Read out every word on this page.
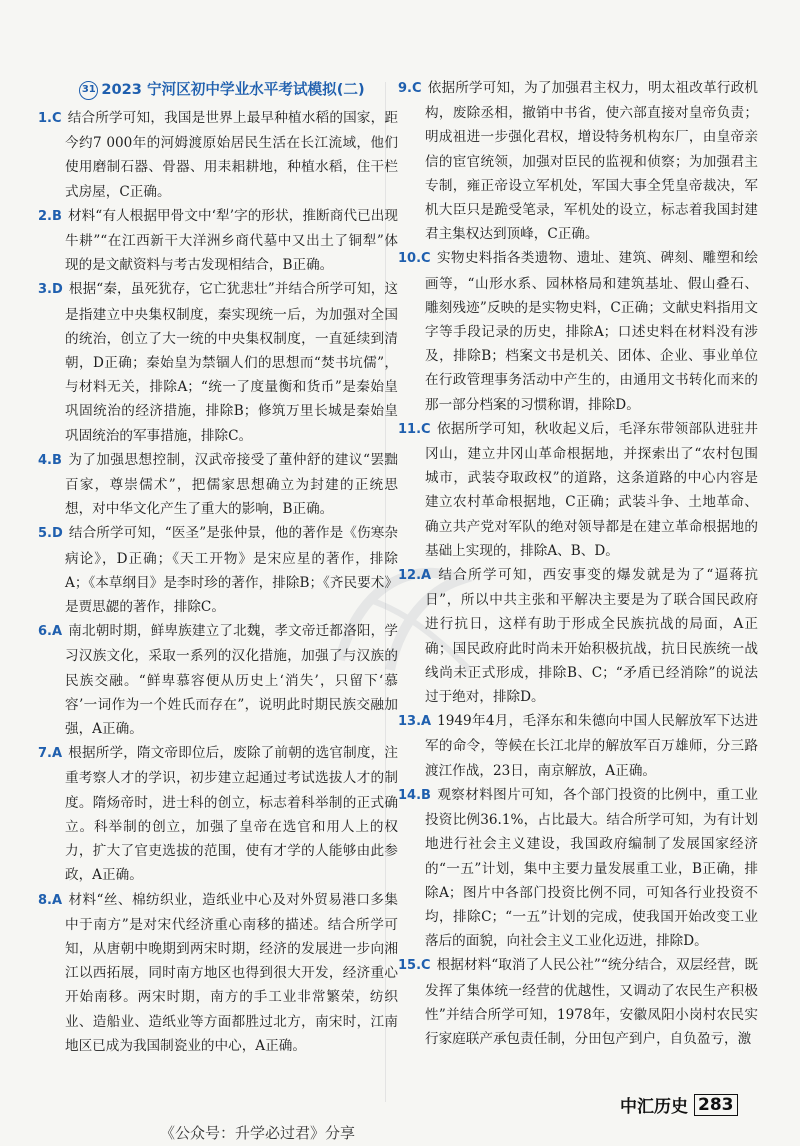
31 2023 宁河区初中学业水平考试模拟(二)

1.C 结合所学可知，我国是世界上最早种植水稻的国家，距今约7 000年的河姆渡原始居民生活在长江流域，他们使用磨制石器、骨器、用耒耜耕地，种植水稻，住干栏式房屋，C正确。

2.B 材料“有人根据甲骨文中‘犁’字的形状，推断商代已出现牛耕”“在江西新干大洋洲乡商代墓中又出土了铜犁”体现的是文献资料与考古发现相结合，B正确。

3.D 根据“秦，虽死犹存，它亡犹悲壮”并结合所学可知，这是指建立中央集权制度，秦实现统一后，为加强对全国的统治，创立了大一统的中央集权制度，一直延续到清朝，D正确；秦始皇为禁锢人们的思想而“焚书坑儒”，与材料无关，排除A；“统一了度量衡和货币”是秦始皇巩固统治的经济措施，排除B；修筑万里长城是秦始皇巩固统治的军事措施，排除C。

4.B 为了加强思想控制，汉武帝接受了董仲舒的建议“罢黜百家，尊崇儒术”，把儒家思想确立为封建的正统思想，对中华文化产生了重大的影响，B正确。

5.D 结合所学可知，“医圣”是张仲景，他的著作是《伤寒杂病论》，D正确；《天工开物》是宋应星的著作，排除A；《本草纲目》是李时珍的著作，排除B；《齐民要术》是贾思勰的著作，排除C。

6.A 南北朝时期，鲜卑族建立了北魏，孝文帝迁都洛阳，学习汉族文化，采取一系列的汉化措施，加强了与汉族的民族交融。“鲜卑慕容便从历史上‘消失’，只留下‘慕容’一词作为一个姓氏而存在”，说明此时期民族交融加强，A正确。

7.A 根据所学，隋文帝即位后，废除了前朝的选官制度，注重考察人才的学识，初步建立起通过考试选拔人才的制度。隋炀帝时，进士科的创立，标志着科举制的正式确立。科举制的创立，加强了皇帝在选官和用人上的权力，扩大了官吏选拔的范围，使有才学的人能够由此参政，A正确。

8.A 材料“丝、棉纺织业，造纸业中心及对外贸易港口多集中于南方”是对宋代经济重心南移的描述。结合所学可知，从唐朝中晚期到两宋时期，经济的发展进一步向湘江以西拓展，同时南方地区也得到很大开发，经济重心开始南移。两宋时期，南方的手工业非常繁荣，纺织业、造船业、造纸业等方面都胜过北方，南宋时，江南地区已成为我国制瓷业的中心，A正确。

9.C 依据所学可知，为了加强君主权力，明太祖改革行政机构，废除丞相，撤销中书省，使六部直接对皇帝负责；明成祖进一步强化君权，增设特务机构东厂，由皇帝亲信的宦官统领，加强对臣民的监视和侦察；为加强君主专制，雍正帝设立军机处，军国大事全凭皇帝裁决，军机大臣只是跪受笔录，军机处的设立，标志着我国封建君主集权达到顶峰，C正确。

10.C 实物史料指各类遗物、遗址、建筑、碑刻、雕塑和绘画等，“山形水系、园林格局和建筑基址、假山叠石、雕刻残迹”反映的是实物史料，C正确；文献史料指用文字等手段记录的历史，排除A；口述史料在材料没有涉及，排除B；档案文书是机关、团体、企业、事业单位在行政管理事务活动中产生的，由通用文书转化而来的那一部分档案的习惯称谓，排除D。

11.C 依据所学可知，秋收起义后，毛泽东带领部队进驻井冈山，建立井冈山革命根据地，并探索出了“农村包围城市，武装夺取政权”的道路，这条道路的中心内容是建立农村革命根据地，C正确；武装斗争、土地革命、确立共产党对军队的绝对领导都是在建立革命根据地的基础上实现的，排除A、B、D。

12.A 结合所学可知，西安事变的爆发就是为了“逼蒋抗日”，所以中共主张和平解决主要是为了联合国民政府进行抗日，这样有助于形成全民族抗战的局面，A正确；国民政府此时尚未开始积极抗战，抗日民族统一战线尚未正式形成，排除B、C；“矛盾已经消除”的说法过于绝对，排除D。

13.A 1949年4月，毛泽东和朱德向中国人民解放军下达进军的命令，等候在长江北岸的解放军百万雄师，分三路渡江作战，23日，南京解放，A正确。

14.B 观察材料图片可知，各个部门投资的比例中，重工业投资比例36.1%，占比最大。结合所学可知，为有计划地进行社会主义建设，我国政府编制了发展国家经济的“一五”计划，集中主要力量发展重工业，B正确，排除A；图片中各部门投资比例不同，可知各行业投资不均，排除C；“一五”计划的完成，使我国开始改变工业落后的面貌，向社会主义工业化迈进，排除D。

15.C 根据材料“取消了人民公社”“统分结合，双层经营，既发挥了集体统一经营的优越性，又调动了农民生产积极性”并结合所学可知，1978年，安徽凤阳小岗村农民实行家庭联产承包责任制，分田包产到户，自负盈亏，激

中汇历史 283
《公众号：升学必过君》分享
